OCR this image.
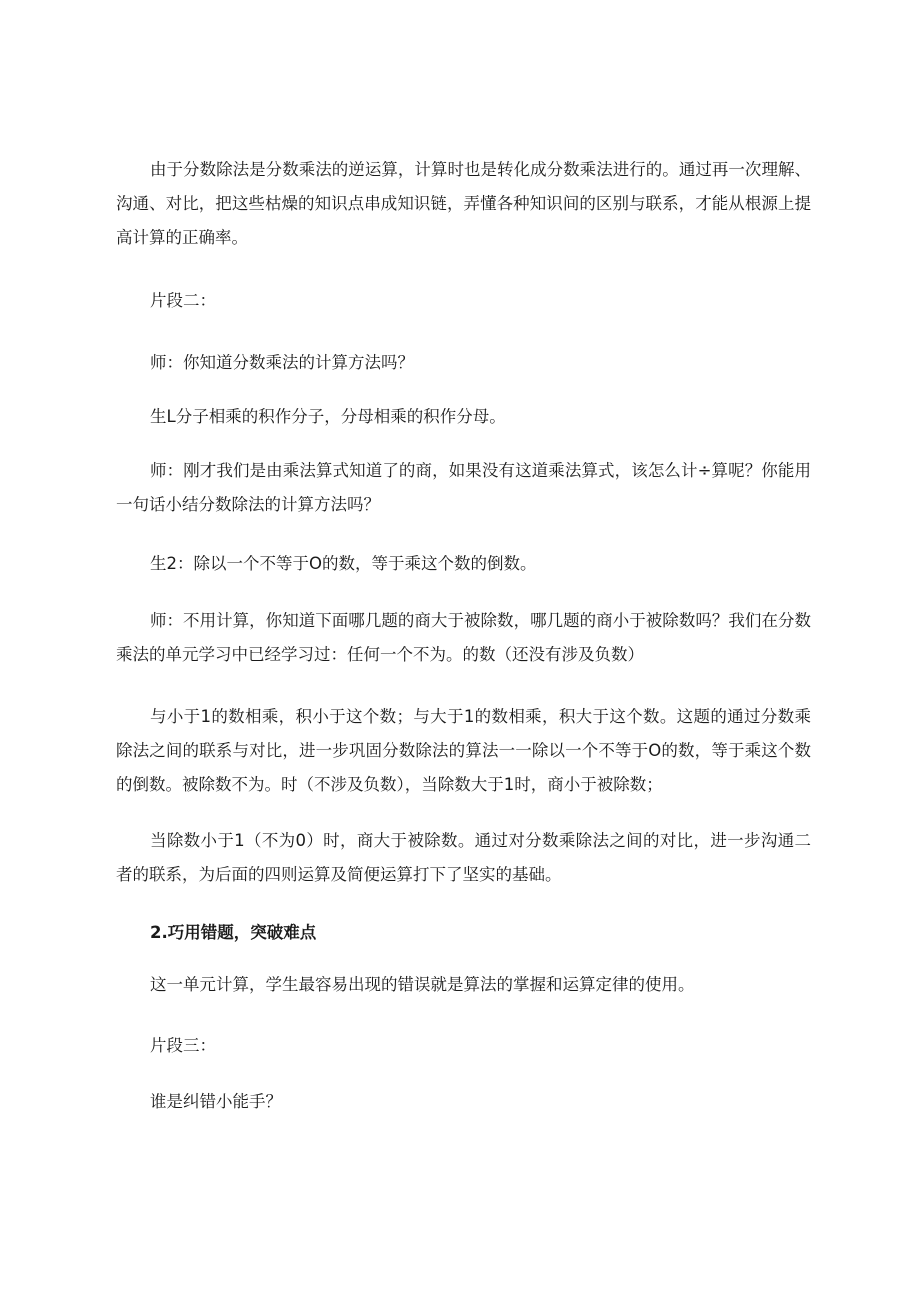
由于分数除法是分数乘法的逆运算，计算时也是转化成分数乘法进行的。通过再一次理解、沟通、对比，把这些枯燥的知识点串成知识链，弄懂各种知识间的区别与联系，才能从根源上提高计算的正确率。
片段二：
师：你知道分数乘法的计算方法吗？
生L分子相乘的积作分子，分母相乘的积作分母。
师：刚才我们是由乘法算式知道了的商，如果没有这道乘法算式，该怎么计÷算呢？你能用一句话小结分数除法的计算方法吗？
生2：除以一个不等于O的数，等于乘这个数的倒数。
师：不用计算，你知道下面哪几题的商大于被除数，哪几题的商小于被除数吗？我们在分数乘法的单元学习中已经学习过：任何一个不为。的数（还没有涉及负数）
与小于1的数相乘，积小于这个数；与大于1的数相乘，积大于这个数。这题的通过分数乘除法之间的联系与对比，进一步巩固分数除法的算法一一除以一个不等于O的数，等于乘这个数的倒数。被除数不为。时（不涉及负数），当除数大于1时，商小于被除数；
当除数小于1（不为0）时，商大于被除数。通过对分数乘除法之间的对比，进一步沟通二者的联系，为后面的四则运算及简便运算打下了坚实的基础。
2.巧用错题，突破难点
这一单元计算，学生最容易出现的错误就是算法的掌握和运算定律的使用。
片段三：
谁是纠错小能手？
